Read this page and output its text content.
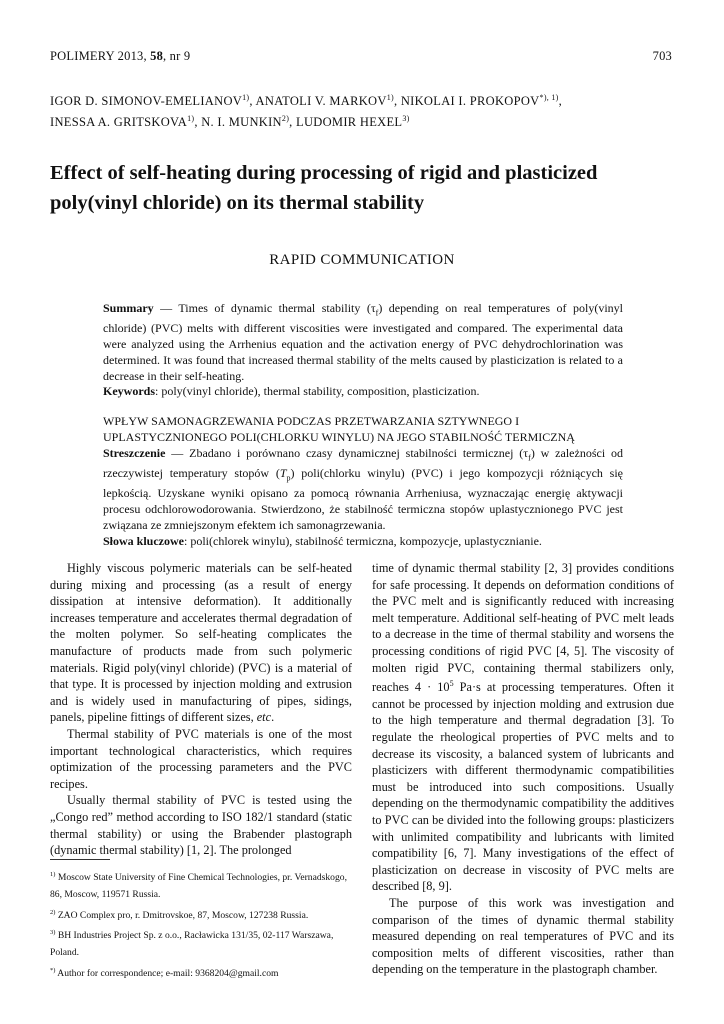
POLIMERY 2013, 58, nr 9	703
IGOR D. SIMONOV-EMELIANOV$^{1)}$, ANATOLI V. MARKOV$^{1)}$, NIKOLAI I. $PROKOPOV^{*), 1)}$,
INESSA A. GRITSKOVA$^{1)}$, N. I. MUNKIN$^{2)}$, LUDOMIR HEXEL$^{3)}$
Effect of self-heating during processing of rigid and plasticized
poly(vinyl chloride) on its thermal stability
RAPID COMMUNICATION

Summary — Times of dynamic thermal stability $(\tau_f)$ depending on real temperatures of poly(vinyl chloride) (PVC) melts with different viscosities were investigated and compared. The experimental data were analyzed using the Arrhenius equation and the activation energy of PVC dehydrochlorination was determined. It was found that increased thermal stability of the melts caused by plasticization is related to a decrease in their self-heating.

Keywords: poly(vinyl chloride), thermal stability, composition, plasticization.

WPŁYW SAMONAGRZEWANIA PODCZAS PRZETWARZANIA SZTYWNEGO I UPLASTYCZNIONEGO POLI(CHLORKU WINYLU) NA JEGO STABILNOŚĆ TERMICZNĄ

Streszczenie — Zbadano i porównano czasy dynamicznej stabilności termicznej $(\tau_f)$ w zależności od rzeczywistej temperatury stopów $(T_p)$ poli(chlorku winylu) (PVC) i jego kompozycji różniących się lepkością. Uzyskane wyniki opisano za pomocą równania Arrheniusa, wyznaczając energię aktywacji procesu odchlorowodorowania. Stwierdzono, że stabilność termiczna stopów uplastycznionego PVC jest związana ze zmniejszonym efektem ich samonagrzewania.

Słowa kluczowe: poli(chlorek winylu), stabilność termiczna, kompozycje, uplastycznianie.

Highly viscous polymeric materials can be self-heated during mixing and processing (as a result of energy dissipation at intensive deformation). It additionally increases temperature and accelerates thermal degradation of the molten polymer. So self-heating complicates the manufacture of products made from such polymeric materials. Rigid poly(vinyl chloride) (PVC) is a material of that type. It is processed by injection molding and extrusion and is widely used in manufacturing of pipes, sidings, panels, pipeline fittings of different sizes, etc.

Thermal stability of PVC materials is one of the most important technological characteristics, which requires optimization of the processing parameters and the PVC recipes.

Usually thermal stability of PVC is tested using the „Congo red” method according to ISO 182/1 standard (static thermal stability) or using the Brabender plastograph (dynamic thermal stability) [1, 2]. The prolonged

time of dynamic thermal stability [2, 3] provides conditions for safe processing. It depends on deformation conditions of the PVC melt and is significantly reduced with increasing melt temperature. Additional self-heating of PVC melt leads to a decrease in the time of thermal stability and worsens the processing conditions of rigid PVC [4, 5]. The viscosity of molten rigid PVC, containing thermal stabilizers only, reaches $4 \cdot 10^5$ Pa·s at processing temperatures. Often it cannot be processed by injection molding and extrusion due to the high temperature and thermal degradation [3]. To regulate the rheological properties of PVC melts and to decrease its viscosity, a balanced system of lubricants and plasticizers with different thermodynamic compatibilities must be introduced into such compositions. Usually depending on the thermodynamic compatibility the additives to PVC can be divided into the following groups: plasticizers with unlimited compatibility and lubricants with limited compatibility [6, 7]. Many investigations of the effect of plasticization on decrease in viscosity of PVC melts are described [8, 9].

The purpose of this work was investigation and comparison of the times of dynamic thermal stability measured depending on real temperatures of PVC and its composition melts of different viscosities, rather than depending on the temperature in the plastograph chamber.

$^{1)}$ Moscow State University of Fine Chemical Technologies, pr. Vernadskogo, 86, Moscow, 119571 Russia.
$^{2)}$ ZAO Complex pro, r. Dmitrovskoe, 87, Moscow, 127238 Russia.
$^{3)}$ BH Industries Project Sp. z o.o., Racławicka 131/35, 02-117 Warszawa, Poland.
*) Author for correspondence; e-mail: 9368204@gmail.com
